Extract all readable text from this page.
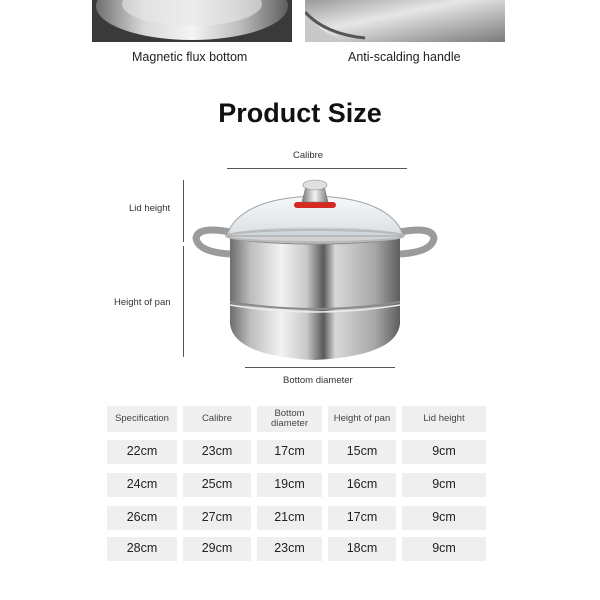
Magnetic flux bottom	Anti-scalding handle
Product Size
Calibre
Lid height
Height of pan
Bottom diameter
Specification	Calibre	Bottom diameter	Height of pan	Lid height
22cm	23cm	17cm	15cm	9cm
24cm	25cm	19cm	16cm	9cm
26cm	27cm	21cm	17cm	9cm
28cm	29cm	23cm	18cm	9cm
